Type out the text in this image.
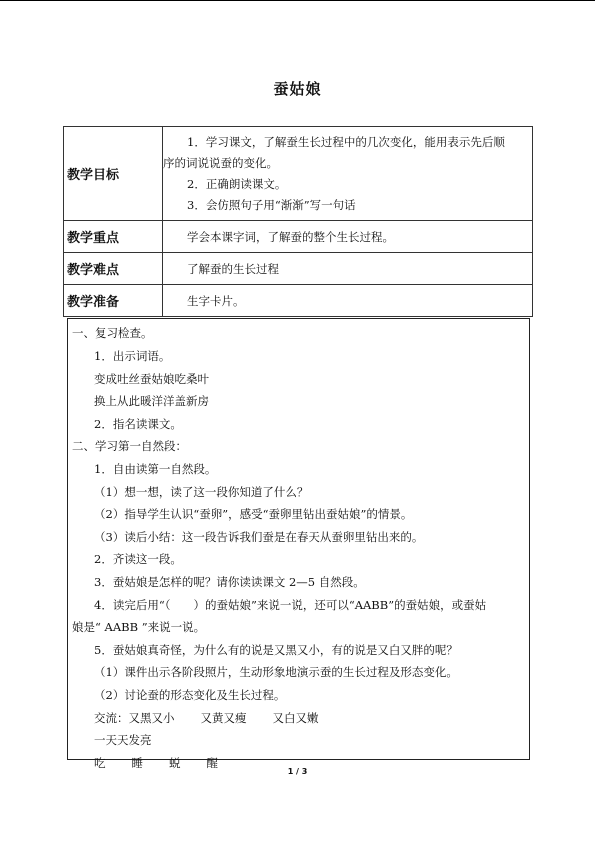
蚕姑娘
教学目标	1．学习课文，了解蚕生长过程中的几次变化，能用表示先后顺
序的词说说蚕的变化。
2．正确朗读课文。
3．会仿照句子用“渐渐”写一句话

教学重点	学会本课字词，了解蚕的整个生长过程。
教学难点	了解蚕的生长过程
教学准备	生字卡片。
一、复习检查。
1．出示词语。
变成吐丝蚕姑娘吃桑叶
换上从此暖洋洋盖新房
2．指名读课文。
二、学习第一自然段：
1．自由读第一自然段。
（1）想一想，读了这一段你知道了什么？
（2）指导学生认识“蚕卵”，感受“蚕卵里钻出蚕姑娘”的情景。
（3）读后小结：这一段告诉我们蚕是在春天从蚕卵里钻出来的。
2．齐读这一段。
3．蚕姑娘是怎样的呢？请你读读课文 2—5 自然段。
4．读完后用“（　　）的蚕姑娘”来说一说，还可以“AABB”的蚕姑娘，或蚕姑
娘是“ AABB ”来说一说。
5．蚕姑娘真奇怪，为什么有的说是又黑又小，有的说是又白又胖的呢？
（1）课件出示各阶段照片，生动形象地演示蚕的生长过程及形态变化。
（2）讨论蚕的形态变化及生长过程。
交流：又黑又小 又黄又瘦 又白又嫩
一天天发亮
吃 睡 蜕 醒
1 / 3
